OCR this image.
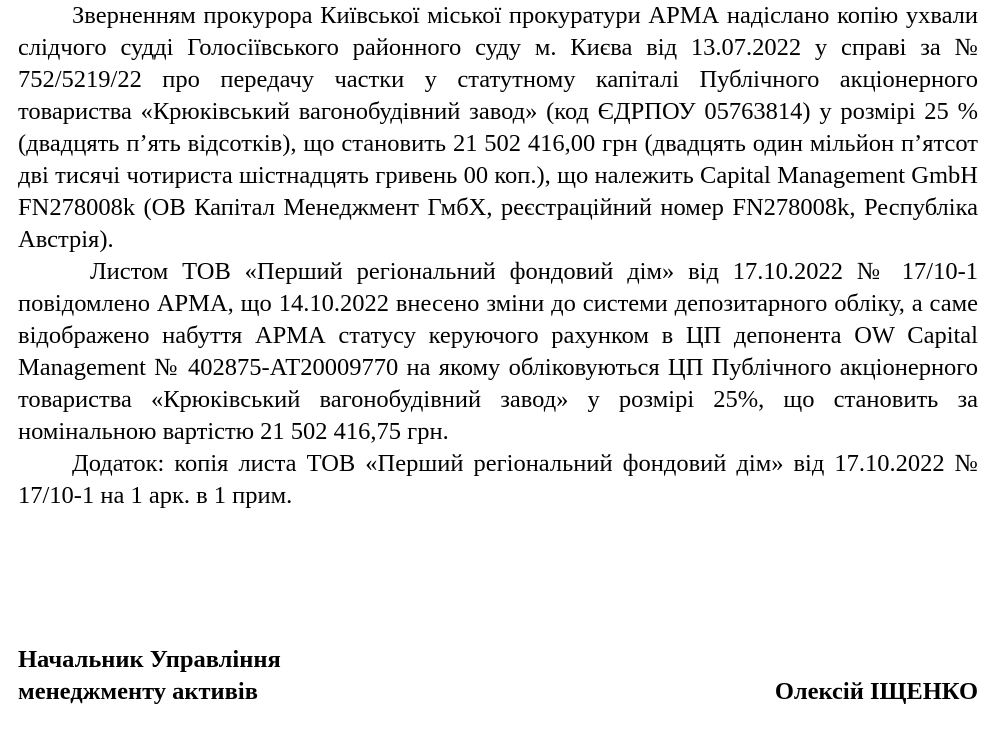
Зверненням прокурора Київської міської прокуратури АРМА надіслано копію ухвали слідчого судді Голосіївського районного суду м. Києва від 13.07.2022 у справі за № 752/5219/22 про передачу частки у статутному капіталі Публічного акціонерного товариства «Крюківський вагонобудівний завод» (код ЄДРПОУ 05763814) у розмірі 25 % (двадцять п’ять відсотків), що становить 21 502 416,00 грн (двадцять один мільйон п’ятсот дві тисячі чотириста шістнадцять гривень 00 коп.), що належить Capital Management GmbH FN278008k (ОВ Капітал Менеджмент ГмбХ, реєстраційний номер FN278008k, Республіка Австрія).

Листом ТОВ «Перший регіональний фондовий дім» від 17.10.2022 № 17/10-1 повідомлено АРМА, що 14.10.2022 внесено зміни до системи депозитарного обліку, а саме відображено набуття АРМА статусу керуючого рахунком в ЦП депонента OW Capital Management № 402875-АТ20009770 на якому обліковуються ЦП Публічного акціонерного товариства «Крюківський вагонобудівний завод» у розмірі 25%, що становить за номінальною вартістю 21 502 416,75 грн.

Додаток: копія листа ТОВ «Перший регіональний фондовий дім» від 17.10.2022 № 17/10-1 на 1 арк. в 1 прим.

Начальник Управління
менеджменту активів	Олексій ІЩЕНКО
